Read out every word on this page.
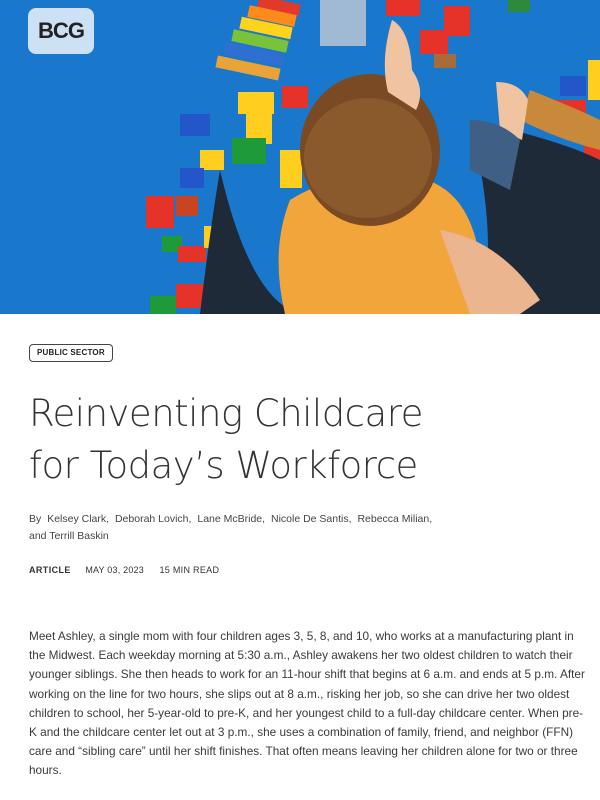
BCG
PUBLIC SECTOR
Reinventing Childcare
for Today’s Workforce
By Kelsey Clark, Deborah Lovich, Lane McBride, Nicole De Santis, Rebecca Milian,
and Terrill Baskin
ARTICLE MAY 03, 2023 15 MIN READ

Meet Ashley, a single mom with four children ages 3, 5, 8, and 10, who works at a manufacturing plant in the Midwest. Each weekday morning at 5:30 a.m., Ashley awakens her two oldest children to watch their younger siblings. She then heads to work for an 11-hour shift that begins at 6 a.m. and ends at 5 p.m. After working on the line for two hours, she slips out at 8 a.m., risking her job, so she can drive her two oldest children to school, her 5-year-old to pre-K, and her youngest child to a full-day childcare center. When pre-K and the childcare center let out at 3 p.m., she uses a combination of family, friend, and neighbor (FFN) care and “sibling care” until her shift finishes. That often means leaving her children alone for two or three hours.
